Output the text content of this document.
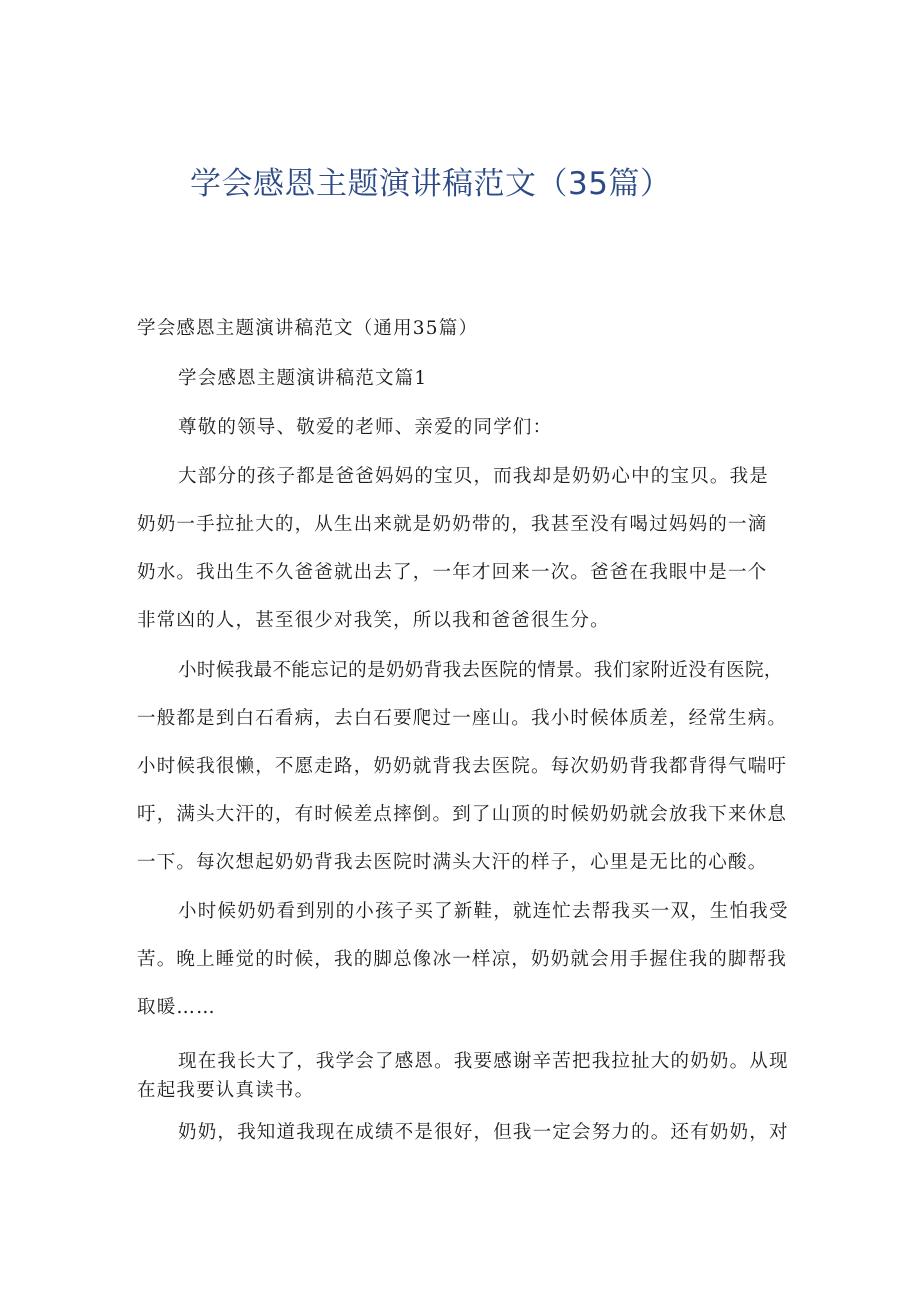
学会感恩主题演讲稿范文（35篇）

学会感恩主题演讲稿范文（通用35篇）

学会感恩主题演讲稿范文篇1

尊敬的领导、敬爱的老师、亲爱的同学们：

大部分的孩子都是爸爸妈妈的宝贝，而我却是奶奶心中的宝贝。我是

奶奶一手拉扯大的，从生出来就是奶奶带的，我甚至没有喝过妈妈的一滴

奶水。我出生不久爸爸就出去了，一年才回来一次。爸爸在我眼中是一个

非常凶的人，甚至很少对我笑，所以我和爸爸很生分。

小时候我最不能忘记的是奶奶背我去医院的情景。我们家附近没有医院，

一般都是到白石看病，去白石要爬过一座山。我小时候体质差，经常生病。

小时候我很懒，不愿走路，奶奶就背我去医院。每次奶奶背我都背得气喘吁

吁，满头大汗的，有时候差点摔倒。到了山顶的时候奶奶就会放我下来休息

一下。每次想起奶奶背我去医院时满头大汗的样子，心里是无比的心酸。

小时候奶奶看到别的小孩子买了新鞋，就连忙去帮我买一双，生怕我受

苦。晚上睡觉的时候，我的脚总像冰一样凉，奶奶就会用手握住我的脚帮我

取暖……

现在我长大了，我学会了感恩。我要感谢辛苦把我拉扯大的奶奶。从现

在起我要认真读书。

奶奶，我知道我现在成绩不是很好，但我一定会努力的。还有奶奶，对
